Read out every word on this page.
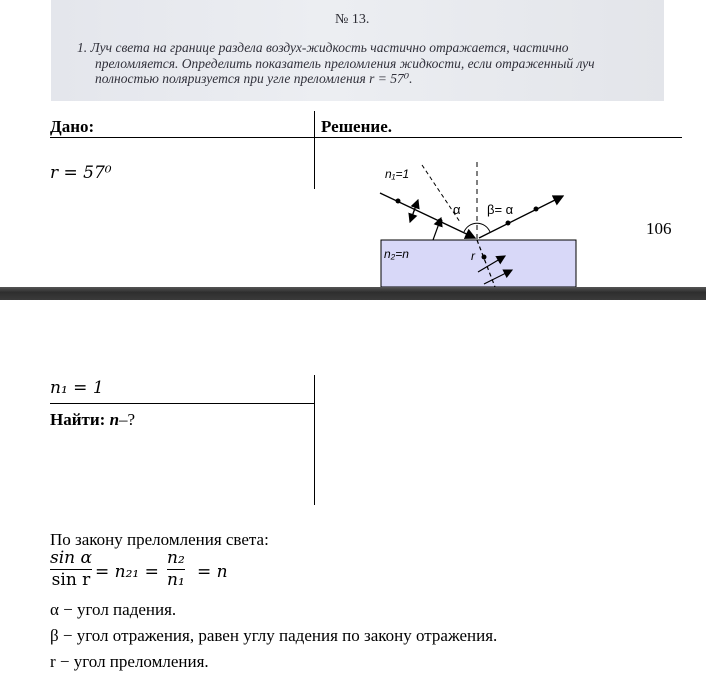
№ 13.
1. Луч света на границе раздела воздух-жидкость частично отражается, частично
преломляется. Определить показатель преломления жидкости, если отраженный луч
полностью поляризуется при угле преломления r = 57⁰.
Дано:	Решение.
r = 57⁰
n₁ = 1
Найти: n–?
n₁=1
n₂=n
α β= α
r
106
По закону преломления света:
sin α
sin r = n₂₁ =
n₂
n₁ = n
α − угол падения.
β − угол отражения, равен углу падения по закону отражения.
r − угол преломления.
